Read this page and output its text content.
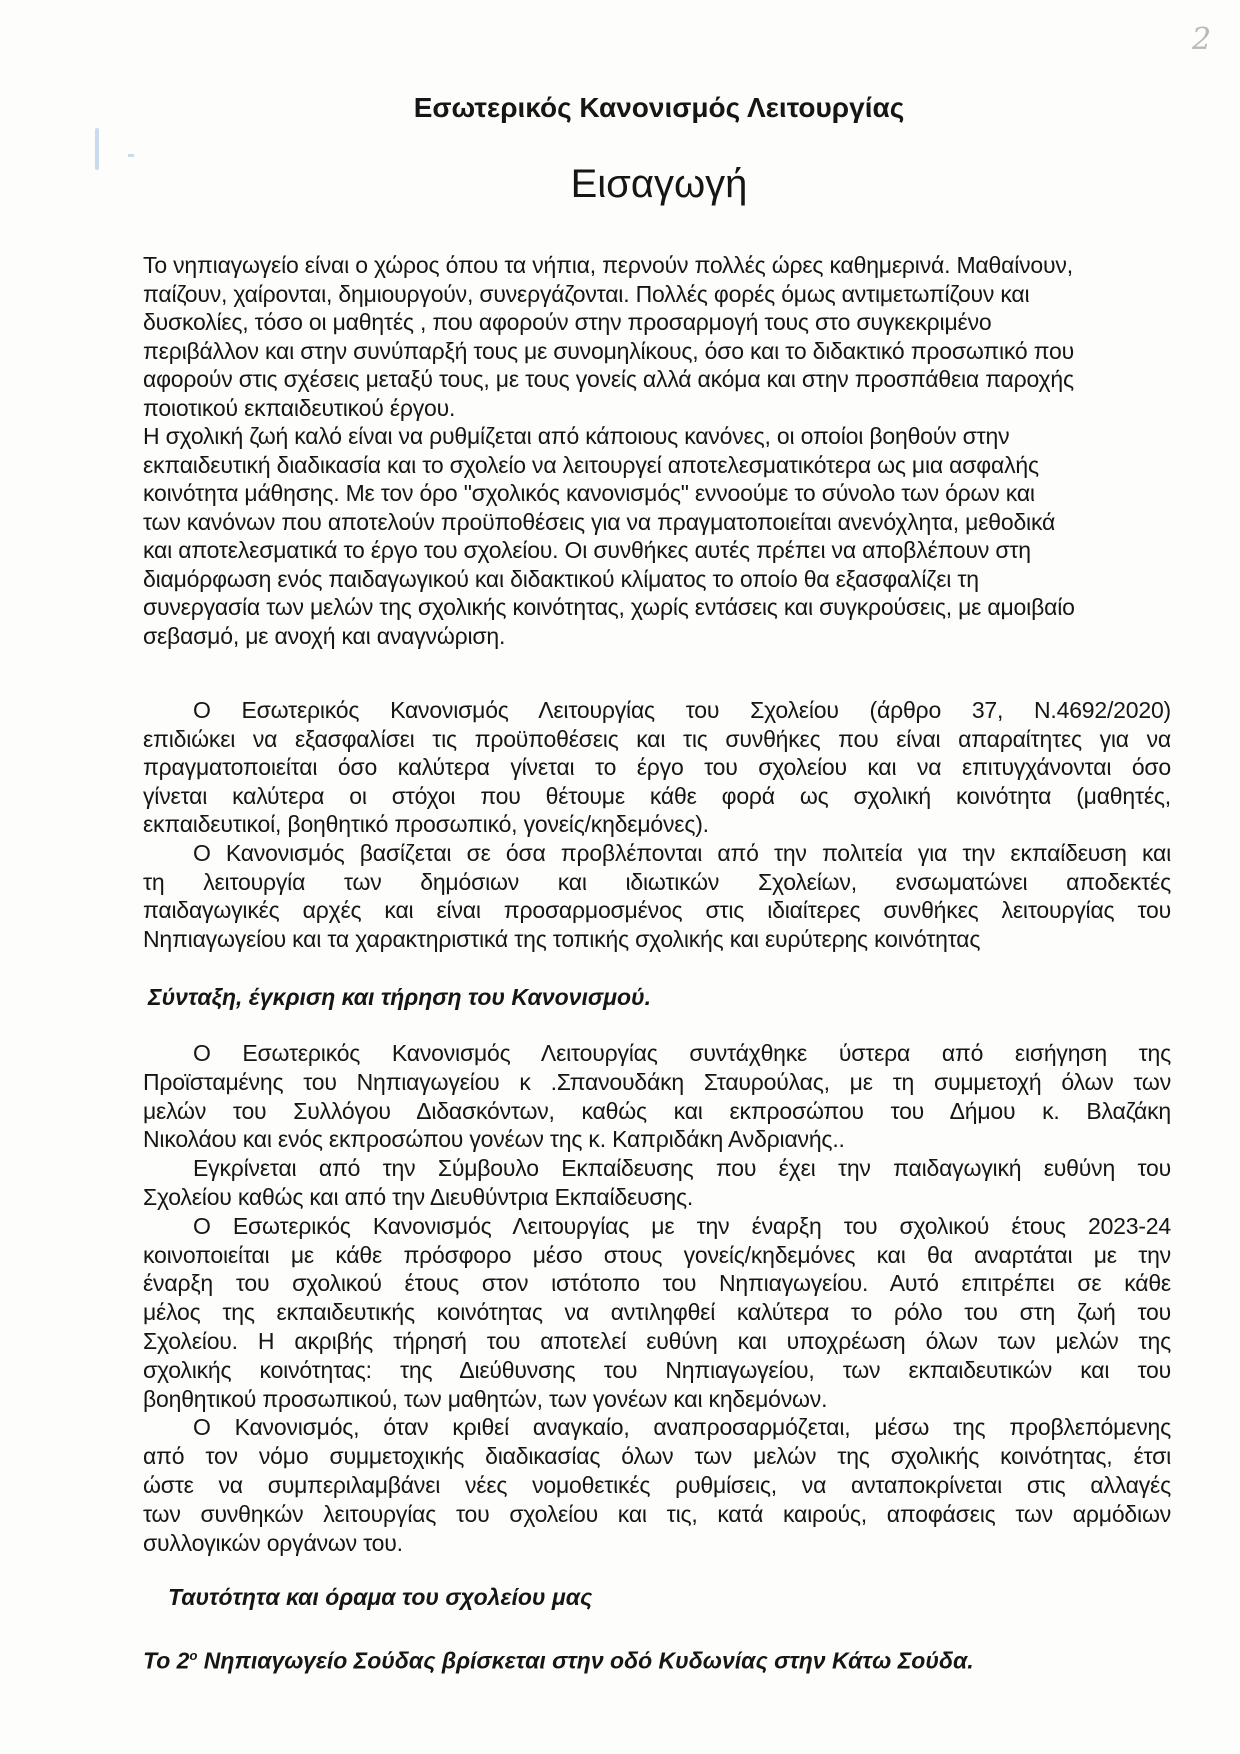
2
Εσωτερικός Κανονισμός Λειτουργίας
Εισαγωγή
Το νηπιαγωγείο είναι ο χώρος όπου τα νήπια, περνούν πολλές ώρες καθημερινά. Μαθαίνουν,
παίζουν, χαίρονται, δημιουργούν, συνεργάζονται. Πολλές φορές όμως αντιμετωπίζουν και
δυσκολίες, τόσο οι μαθητές , που αφορούν στην προσαρμογή τους στο συγκεκριμένο
περιβάλλον και στην συνύπαρξή τους με συνομηλίκους, όσο και το διδακτικό προσωπικό που
αφορούν στις σχέσεις μεταξύ τους, με τους γονείς αλλά ακόμα και στην προσπάθεια παροχής
ποιοτικού εκπαιδευτικού έργου.
Η σχολική ζωή καλό είναι να ρυθμίζεται από κάποιους κανόνες, οι οποίοι βοηθούν στην
εκπαιδευτική διαδικασία και το σχολείο να λειτουργεί αποτελεσματικότερα ως μια ασφαλής
κοινότητα μάθησης. Με τον όρο "σχολικός κανονισμός" εννοούμε το σύνολο των όρων και
των κανόνων που αποτελούν προϋποθέσεις για να πραγματοποιείται ανενόχλητα, μεθοδικά
και αποτελεσματικά το έργο του σχολείου. Οι συνθήκες αυτές πρέπει να αποβλέπουν στη
διαμόρφωση ενός παιδαγωγικού και διδακτικού κλίματος το οποίο θα εξασφαλίζει τη
συνεργασία των μελών της σχολικής κοινότητας, χωρίς εντάσεις και συγκρούσεις, με αμοιβαίο
σεβασμό, με ανοχή και αναγνώριση.
Ο Εσωτερικός Κανονισμός Λειτουργίας του Σχολείου (άρθρο 37, Ν.4692/2020)
επιδιώκει να εξασφαλίσει τις προϋποθέσεις και τις συνθήκες που είναι απαραίτητες για να
πραγματοποιείται όσο καλύτερα γίνεται το έργο του σχολείου και να επιτυγχάνονται όσο
γίνεται καλύτερα οι στόχοι που θέτουμε κάθε φορά ως σχολική κοινότητα (μαθητές,
εκπαιδευτικοί, βοηθητικό προσωπικό, γονείς/κηδεμόνες).
Ο Κανονισμός βασίζεται σε όσα προβλέπονται από την πολιτεία για την εκπαίδευση και
τη λειτουργία των δημόσιων και ιδιωτικών Σχολείων, ενσωματώνει αποδεκτές
παιδαγωγικές αρχές και είναι προσαρμοσμένος στις ιδιαίτερες συνθήκες λειτουργίας του
Νηπιαγωγείου και τα χαρακτηριστικά της τοπικής σχολικής και ευρύτερης κοινότητας
Σύνταξη, έγκριση και τήρηση του Κανονισμού.
Ο Εσωτερικός Κανονισμός Λειτουργίας συντάχθηκε ύστερα από εισήγηση της
Προϊσταμένης του Νηπιαγωγείου κ .Σπανουδάκη Σταυρούλας, με τη συμμετοχή όλων των
μελών του Συλλόγου Διδασκόντων, καθώς και εκπροσώπου του Δήμου κ. Βλαζάκη
Νικολάου και ενός εκπροσώπου γονέων της κ. Καπριδάκη Ανδριανής..
Εγκρίνεται από την Σύμβουλο Εκπαίδευσης που έχει την παιδαγωγική ευθύνη του
Σχολείου καθώς και από την Διευθύντρια Εκπαίδευσης.
Ο Εσωτερικός Κανονισμός Λειτουργίας με την έναρξη του σχολικού έτους 2023-24
κοινοποιείται με κάθε πρόσφορο μέσο στους γονείς/κηδεμόνες και θα αναρτάται με την
έναρξη του σχολικού έτους στον ιστότοπο του Νηπιαγωγείου. Αυτό επιτρέπει σε κάθε
μέλος της εκπαιδευτικής κοινότητας να αντιληφθεί καλύτερα το ρόλο του στη ζωή του
Σχολείου. Η ακριβής τήρησή του αποτελεί ευθύνη και υποχρέωση όλων των μελών της
σχολικής κοινότητας: της Διεύθυνσης του Νηπιαγωγείου, των εκπαιδευτικών και του
βοηθητικού προσωπικού, των μαθητών, των γονέων και κηδεμόνων.
Ο Κανονισμός, όταν κριθεί αναγκαίο, αναπροσαρμόζεται, μέσω της προβλεπόμενης
από τον νόμο συμμετοχικής διαδικασίας όλων των μελών της σχολικής κοινότητας, έτσι
ώστε να συμπεριλαμβάνει νέες νομοθετικές ρυθμίσεις, να ανταποκρίνεται στις αλλαγές
των συνθηκών λειτουργίας του σχολείου και τις, κατά καιρούς, αποφάσεις των αρμόδιων
συλλογικών οργάνων του.
Ταυτότητα και όραμα του σχολείου μας
Το $2^o$ Νηπιαγωγείο Σούδας βρίσκεται στην οδό Κυδωνίας στην Κάτω Σούδα.
